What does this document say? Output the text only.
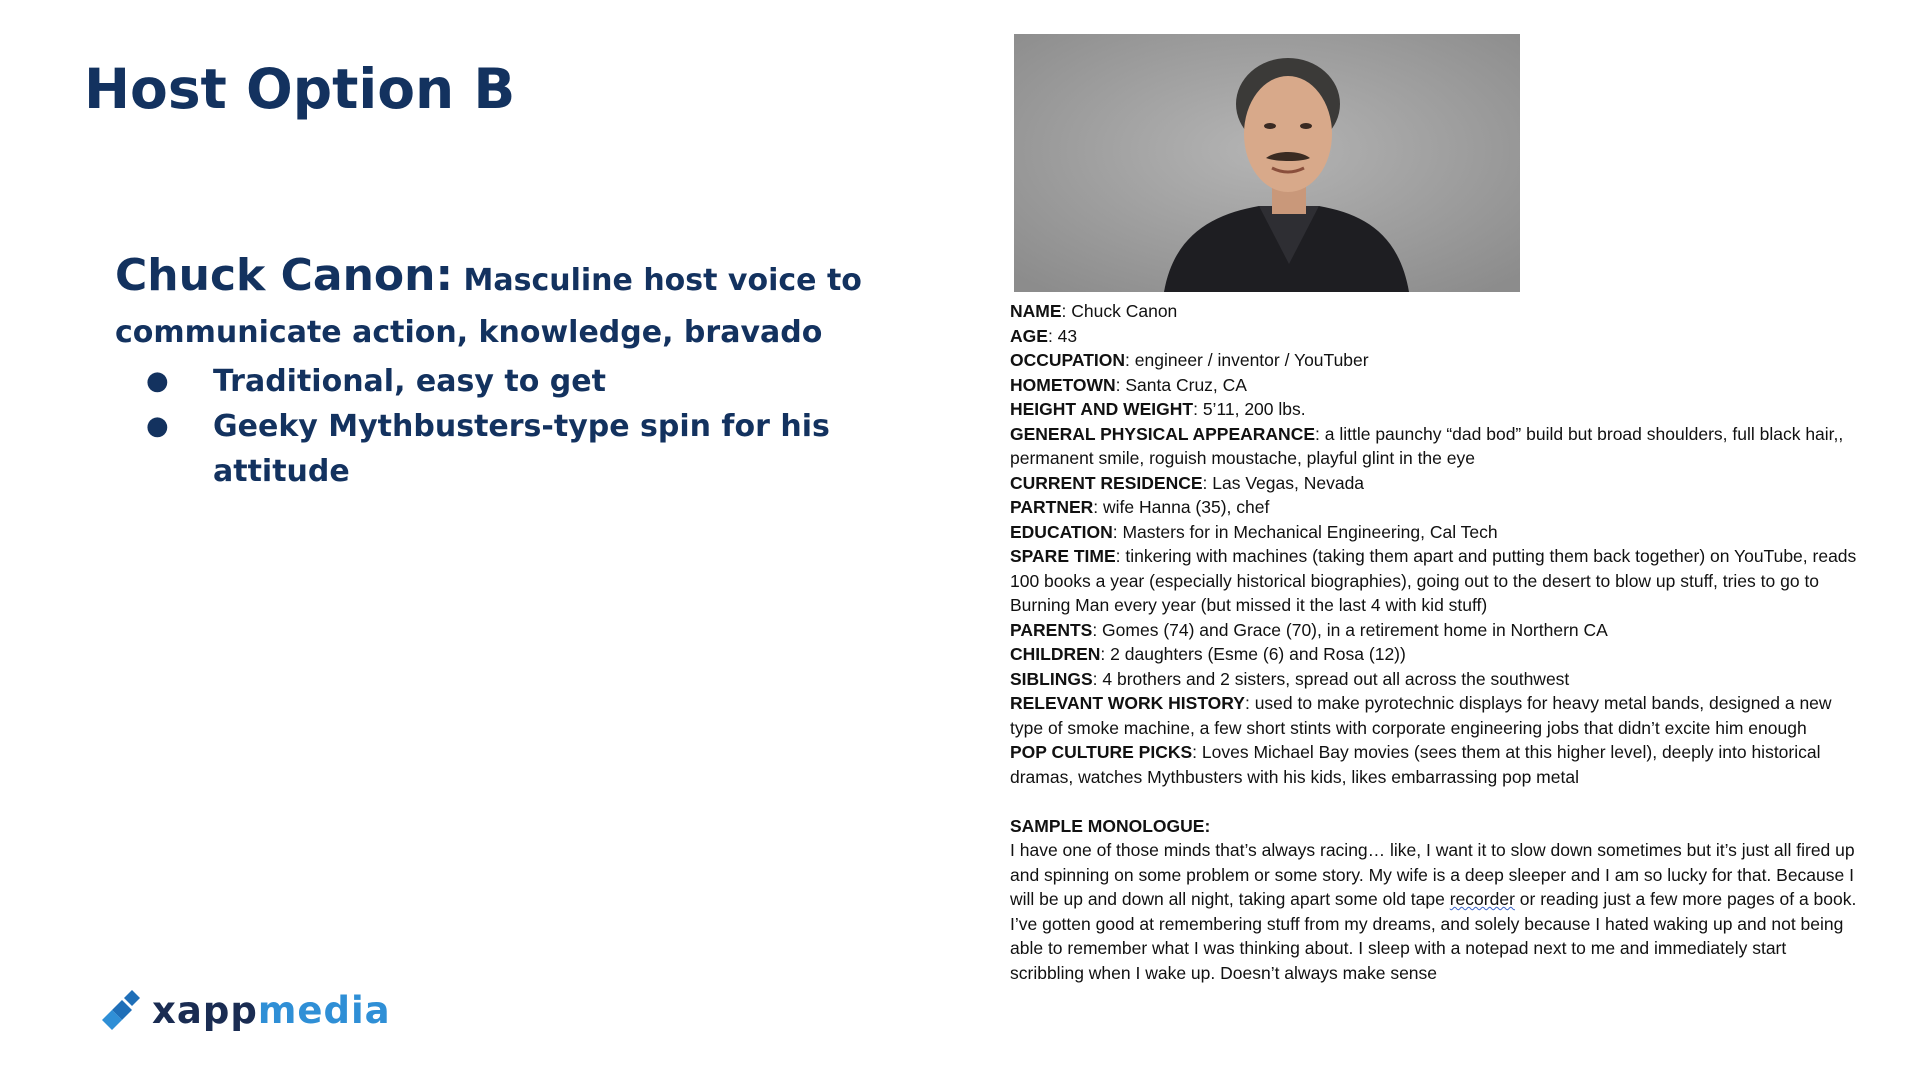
Host Option B
Chuck Canon: Masculine host voice to
communicate action, knowledge, bravado
● Traditional, easy to get
● Geeky Mythbusters-type spin for his attitude

NAME: Chuck Canon

AGE: 43

OCCUPATION: engineer / inventor / YouTuber

HOMETOWN: Santa Cruz, CA

HEIGHT AND WEIGHT: 5’11, 200 lbs.

GENERAL PHYSICAL APPEARANCE: a little paunchy “dad bod” build but broad shoulders, full black hair,, permanent smile, roguish moustache, playful glint in the eye

CURRENT RESIDENCE: Las Vegas, Nevada

PARTNER: wife Hanna (35), chef

EDUCATION: Masters for in Mechanical Engineering, Cal Tech

SPARE TIME: tinkering with machines (taking them apart and putting them back together) on YouTube, reads 100 books a year (especially historical biographies), going out to the desert to blow up stuff, tries to go to Burning Man every year (but missed it the last 4 with kid stuff)

PARENTS: Gomes (74) and Grace (70), in a retirement home in Northern CA

CHILDREN: 2 daughters (Esme (6) and Rosa (12))

SIBLINGS: 4 brothers and 2 sisters, spread out all across the southwest

RELEVANT WORK HISTORY: used to make pyrotechnic displays for heavy metal bands, designed a new type of smoke machine, a few short stints with corporate engineering jobs that didn’t excite him enough

POP CULTURE PICKS: Loves Michael Bay movies (sees them at this higher level), deeply into historical dramas, watches Mythbusters with his kids, likes embarrassing pop metal

SAMPLE MONOLOGUE:

I have one of those minds that’s always racing… like, I want it to slow down sometimes but it’s just all fired up and spinning on some problem or some story. My wife is a deep sleeper and I am so lucky for that. Because I will be up and down all night, taking apart some old tape recorder or reading just a few more pages of a book. I’ve gotten good at remembering stuff from my dreams, and solely because I hated waking up and not being able to remember what I was thinking about. I sleep with a notepad next to me and immediately start scribbling when I wake up. Doesn’t always make sense

xapp media
